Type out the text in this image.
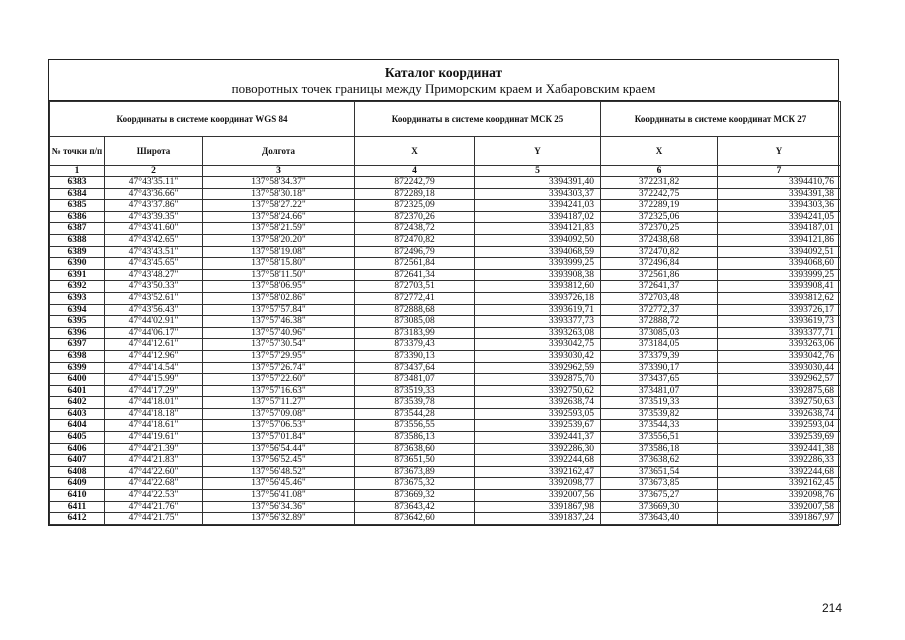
Каталог координат
поворотных точек границы между Приморским краем и Хабаровским краем
Координаты в системе координат WGS 84			Координаты в системе координат МСК 25		Координаты в системе координат МСК 27	
№ точки п/п	Широта	Долгота	X	Y	X	Y
1	2	3	4	5	6	7
6383	47°43'35.11"	137°58'34.37"	872242,79	3394391,40	372231,82	3394410,76
6384	47°43'36.66"	137°58'30.18"	872289,18	3394303,37	372242,75	3394391,38
6385	47°43'37.86"	137°58'27.22"	872325,09	3394241,03	372289,19	3394303,36
6386	47°43'39.35"	137°58'24.66"	872370,26	3394187,02	372325,06	3394241,05
6387	47°43'41.60"	137°58'21.59"	872438,72	3394121,83	372370,25	3394187,01
6388	47°43'42.65"	137°58'20.20"	872470,82	3394092,50	372438,68	3394121,86
6389	47°43'43.51"	137°58'19.08"	872496,79	3394068,59	372470,82	3394092,51
6390	47°43'45.65"	137°58'15.80"	872561,84	3393999,25	372496,84	3394068,60
6391	47°43'48.27"	137°58'11.50"	872641,34	3393908,38	372561,86	3393999,25
6392	47°43'50.33"	137°58'06.95"	872703,51	3393812,60	372641,37	3393908,41
6393	47°43'52.61"	137°58'02.86"	872772,41	3393726,18	372703,48	3393812,62
6394	47°43'56.43"	137°57'57.84"	872888,68	3393619,71	372772,37	3393726,17
6395	47°44'02.91"	137°57'46.38"	873085,08	3393377,73	372888,72	3393619,73
6396	47°44'06.17"	137°57'40.96"	873183,99	3393263,08	373085,03	3393377,71
6397	47°44'12.61"	137°57'30.54"	873379,43	3393042,75	373184,05	3393263,06
6398	47°44'12.96"	137°57'29.95"	873390,13	3393030,42	373379,39	3393042,76
6399	47°44'14.54"	137°57'26.74"	873437,64	3392962,59	373390,17	3393030,44
6400	47°44'15.99"	137°57'22.60"	873481,07	3392875,70	373437,65	3392962,57
6401	47°44'17.29"	137°57'16.63"	873519,33	3392750,62	373481,07	3392875,68
6402	47°44'18.01"	137°57'11.27"	873539,78	3392638,74	373519,33	3392750,63
6403	47°44'18.18"	137°57'09.08"	873544,28	3392593,05	373539,82	3392638,74
6404	47°44'18.61"	137°57'06.53"	873556,55	3392539,67	373544,33	3392593,04
6405	47°44'19.61"	137°57'01.84"	873586,13	3392441,37	373556,51	3392539,69
6406	47°44'21.39"	137°56'54.44"	873638,60	3392286,30	373586,18	3392441,38
6407	47°44'21.83"	137°56'52.45"	873651,50	3392244,68	373638,62	3392286,33
6408	47°44'22.60"	137°56'48.52"	873673,89	3392162,47	373651,54	3392244,68
6409	47°44'22.68"	137°56'45.46"	873675,32	3392098,77	373673,85	3392162,45
6410	47°44'22.53"	137°56'41.08"	873669,32	3392007,56	373675,27	3392098,76
6411	47°44'21.76"	137°56'34.36"	873643,42	3391867,98	373669,30	3392007,58
6412	47°44'21.75"	137°56'32.89"	873642,60	3391837,24	373643,40	3391867,97
214
